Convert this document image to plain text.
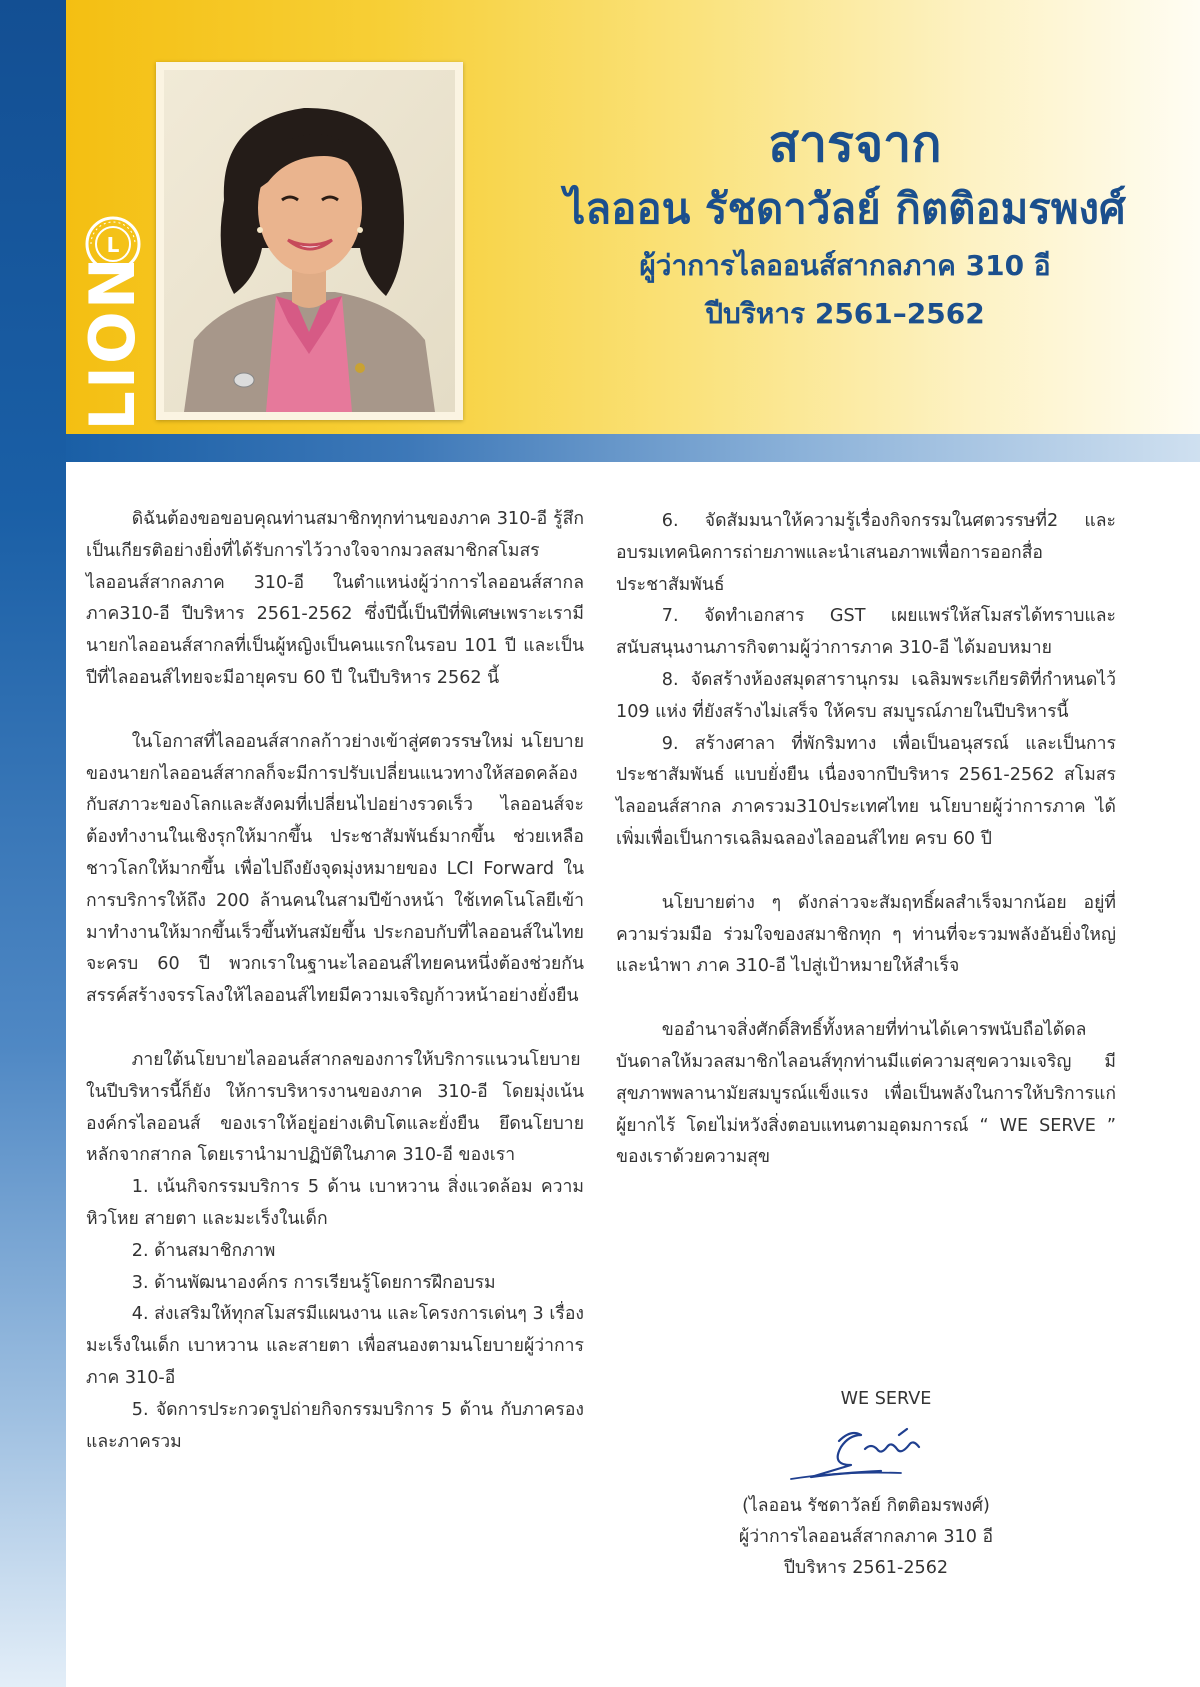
L
LION
สารจาก
ไลออน รัชดาวัลย์ กิตติอมรพงศ์
ผู้ว่าการไลออนส์สากลภาค 310 อี
ปีบริหาร 2561–2562

ดิฉันต้องขอขอบคุณท่านสมาชิกทุกท่านของภาค 310-อี รู้สึกเป็นเกียรติอย่างยิ่งที่ได้รับการไว้วางใจจากมวลสมาชิกสโมสรไลออนส์สากลภาค 310-อี ในตำแหน่งผู้ว่าการไลออนส์สากลภาค310-อี ปีบริหาร 2561-2562 ซึ่งปีนี้เป็นปีที่พิเศษเพราะเรามีนายกไลออนส์สากลที่เป็นผู้หญิงเป็นคนแรกในรอบ 101 ปี และเป็นปีที่ไลออนส์ไทยจะมีอายุครบ 60 ปี ในปีบริหาร 2562 นี้

ในโอกาสที่ไลออนส์สากลก้าวย่างเข้าสู่ศตวรรษใหม่ นโยบายของนายกไลออนส์สากลก็จะมีการปรับเปลี่ยนแนวทางให้สอดคล้องกับสภาวะของโลกและสังคมที่เปลี่ยนไปอย่างรวดเร็ว ไลออนส์จะต้องทำงานในเชิงรุกให้มากขึ้น ประชาสัมพันธ์มากขึ้น ช่วยเหลือชาวโลกให้มากขึ้น เพื่อไปถึงยังจุดมุ่งหมายของ LCI Forward ในการบริการให้ถึง 200 ล้านคนในสามปีข้างหน้า ใช้เทคโนโลยีเข้ามาทำงานให้มากขึ้นเร็วขึ้นทันสมัยขึ้น ประกอบกับที่ไลออนส์ในไทยจะครบ 60 ปี พวกเราในฐานะไลออนส์ไทยคนหนึ่งต้องช่วยกันสรรค์สร้างจรรโลงให้ไลออนส์ไทยมีความเจริญก้าวหน้าอย่างยั่งยืน

ภายใต้นโยบายไลออนส์สากลของการให้บริการแนวนโยบายในปีบริหารนี้ก็ยัง ให้การบริหารงานของภาค 310-อี โดยมุ่งเน้นองค์กรไลออนส์ ของเราให้อยู่อย่างเติบโตและยั่งยืน ยึดนโยบายหลักจากสากล โดยเรานำมาปฏิบัติในภาค 310-อี ของเรา

1. เน้นกิจกรรมบริการ 5 ด้าน เบาหวาน สิ่งแวดล้อม ความหิวโหย สายตา และมะเร็งในเด็ก

2. ด้านสมาชิกภาพ

3. ด้านพัฒนาองค์กร การเรียนรู้โดยการฝึกอบรม

4. ส่งเสริมให้ทุกสโมสรมีแผนงาน และโครงการเด่นๆ 3 เรื่อง มะเร็งในเด็ก เบาหวาน และสายตา เพื่อสนองตามนโยบายผู้ว่าการภาค 310-อี

5. จัดการประกวดรูปถ่ายกิจกรรมบริการ 5 ด้าน กับภาครองและภาครวม

6. จัดสัมมนาให้ความรู้เรื่องกิจกรรมในศตวรรษที่2 และอบรมเทคนิคการถ่ายภาพและนำเสนอภาพเพื่อการออกสื่อประชาสัมพันธ์

7. จัดทำเอกสาร GST เผยแพร่ให้สโมสรได้ทราบและสนับสนุนงานภารกิจตามผู้ว่าการภาค 310-อี ได้มอบหมาย

8. จัดสร้างห้องสมุดสารานุกรม เฉลิมพระเกียรติที่กำหนดไว้ 109 แห่ง ที่ยังสร้างไม่เสร็จ ให้ครบ สมบูรณ์ภายในปีบริหารนี้

9. สร้างศาลา ที่พักริมทาง เพื่อเป็นอนุสรณ์ และเป็นการประชาสัมพันธ์ แบบยั่งยืน เนื่องจากปีบริหาร 2561-2562 สโมสรไลออนส์สากล ภาครวม310ประเทศไทย นโยบายผู้ว่าการภาค ได้เพิ่มเพื่อเป็นการเฉลิมฉลองไลออนส์ไทย ครบ 60 ปี

นโยบายต่าง ๆ ดังกล่าวจะสัมฤทธิ์ผลสำเร็จมากน้อย อยู่ที่ความร่วมมือ ร่วมใจของสมาชิกทุก ๆ ท่านที่จะรวมพลังอันยิ่งใหญ่และนำพา ภาค 310-อี ไปสู่เป้าหมายให้สำเร็จ

ขออำนาจสิ่งศักดิ์สิทธิ์ทั้งหลายที่ท่านได้เคารพนับถือได้ดลบันดาลให้มวลสมาชิกไลอนส์ทุกท่านมีแต่ความสุขความเจริญ มีสุขภาพพลานามัยสมบูรณ์แข็งแรง เพื่อเป็นพลังในการให้บริการแก่ผู้ยากไร้ โดยไม่หวังสิ่งตอบแทนตามอุดมการณ์ “ WE SERVE ” ของเราด้วยความสุข

WE SERVE

(ไลออน รัชดาวัลย์ กิตติอมรพงศ์)

ผู้ว่าการไลออนส์สากลภาค 310 อี

ปีบริหาร 2561-2562
